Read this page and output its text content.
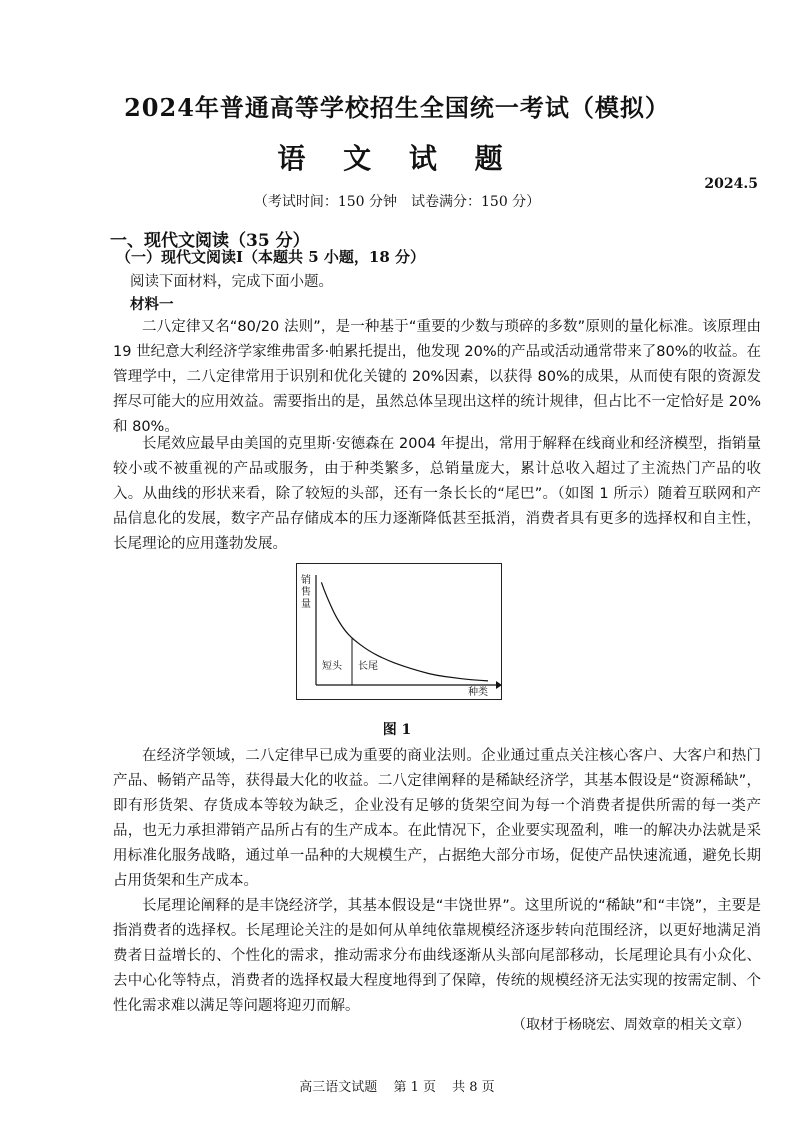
2024年普通高等学校招生全国统一考试（模拟）
语 文 试 题
2024.5
（考试时间：150 分钟　试卷满分：150 分）
一、现代文阅读（35 分）
（一）现代文阅读Ⅰ（本题共 5 小题，18 分）
阅读下面材料，完成下面小题。
材料一

二八定律又名“80/20 法则”，是一种基于“重要的少数与琐碎的多数”原则的量化标准。该原理由 19 世纪意大利经济学家维弗雷多·帕累托提出，他发现 20%的产品或活动通常带来了80%的收益。在管理学中，二八定律常用于识别和优化关键的 20%因素，以获得 80%的成果，从而使有限的资源发挥尽可能大的应用效益。需要指出的是，虽然总体呈现出这样的统计规律，但占比不一定恰好是 20%和 80%。

长尾效应最早由美国的克里斯·安德森在 2004 年提出，常用于解释在线商业和经济模型，指销量较小或不被重视的产品或服务，由于种类繁多，总销量庞大，累计总收入超过了主流热门产品的收入。从曲线的形状来看，除了较短的头部，还有一条长长的“尾巴”。（如图 1 所示）随着互联网和产品信息化的发展，数字产品存储成本的压力逐渐降低甚至抵消，消费者具有更多的选择权和自主性，长尾理论的应用蓬勃发展。

销售量
种类
短头 长尾
图 1

在经济学领域，二八定律早已成为重要的商业法则。企业通过重点关注核心客户、大客户和热门产品、畅销产品等，获得最大化的收益。二八定律阐释的是稀缺经济学，其基本假设是“资源稀缺”，即有形货架、存货成本等较为缺乏，企业没有足够的货架空间为每一个消费者提供所需的每一类产品，也无力承担滞销产品所占有的生产成本。在此情况下，企业要实现盈利，唯一的解决办法就是采用标准化服务战略，通过单一品种的大规模生产，占据绝大部分市场，促使产品快速流通，避免长期占用货架和生产成本。

长尾理论阐释的是丰饶经济学，其基本假设是“丰饶世界”。这里所说的“稀缺”和“丰饶”，主要是指消费者的选择权。长尾理论关注的是如何从单纯依靠规模经济逐步转向范围经济，以更好地满足消费者日益增长的、个性化的需求，推动需求分布曲线逐渐从头部向尾部移动，长尾理论具有小众化、去中心化等特点，消费者的选择权最大程度地得到了保障，传统的规模经济无法实现的按需定制、个性化需求难以满足等问题将迎刃而解。

（取材于杨晓宏、周效章的相关文章）
高三语文试题 第 1 页 共 8 页
